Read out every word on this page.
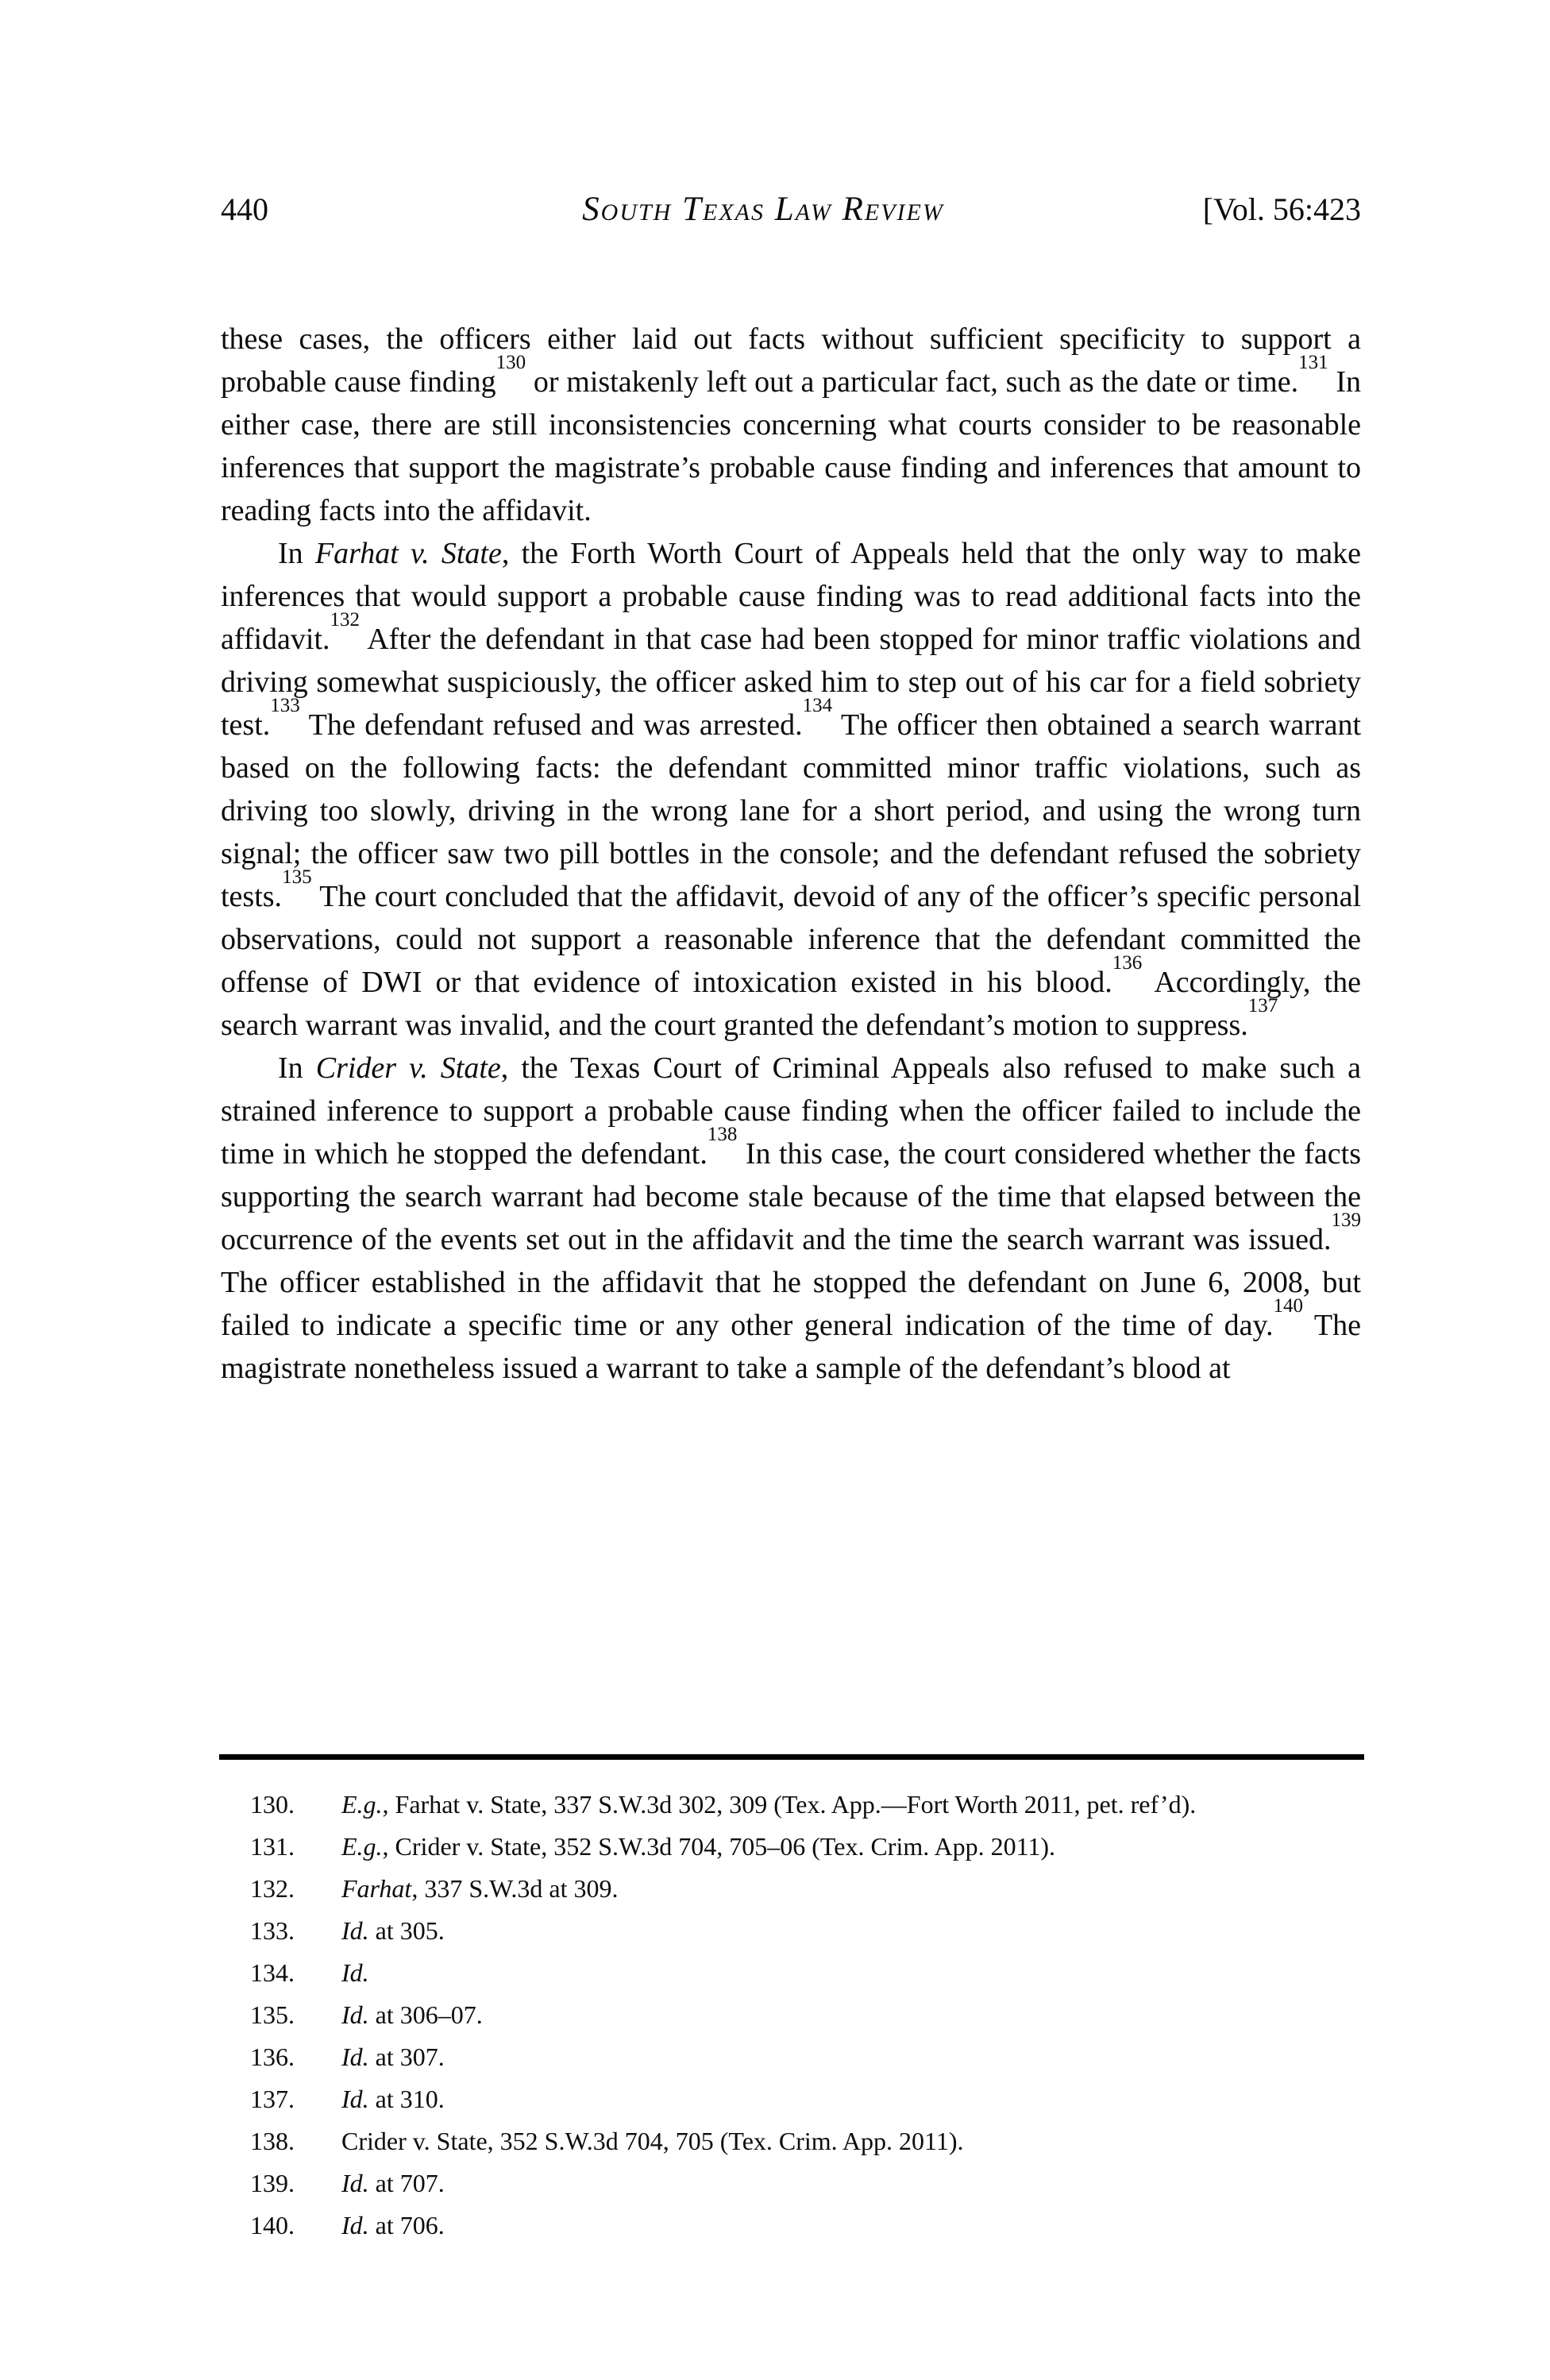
440	South Texas Law Review	[Vol. 56:423

these cases, the officers either laid out facts without sufficient specificity to support a probable cause finding$^{130}$ or mistakenly left out a particular fact, such as the date or time.$^{131}$ In either case, there are still inconsistencies concerning what courts consider to be reasonable inferences that support the magistrate’s probable cause finding and inferences that amount to reading facts into the affidavit.

In Farhat v. State, the Forth Worth Court of Appeals held that the only way to make inferences that would support a probable cause finding was to read additional facts into the affidavit.$^{132}$ After the defendant in that case had been stopped for minor traffic violations and driving somewhat suspiciously, the officer asked him to step out of his car for a field sobriety test.$^{133}$ The defendant refused and was arrested.$^{134}$ The officer then obtained a search warrant based on the following facts: the defendant committed minor traffic violations, such as driving too slowly, driving in the wrong lane for a short period, and using the wrong turn signal; the officer saw two pill bottles in the console; and the defendant refused the sobriety tests.$^{135}$ The court concluded that the affidavit, devoid of any of the officer’s specific personal observations, could not support a reasonable inference that the defendant committed the offense of DWI or that evidence of intoxication existed in his blood.$^{136}$ Accordingly, the search warrant was invalid, and the court granted the defendant’s motion to suppress.$^{137}$

In Crider v. State, the Texas Court of Criminal Appeals also refused to make such a strained inference to support a probable cause finding when the officer failed to include the time in which he stopped the defendant.$^{138}$ In this case, the court considered whether the facts supporting the search warrant had become stale because of the time that elapsed between the occurrence of the events set out in the affidavit and the time the search warrant was issued.$^{139}$ The officer established in the affidavit that he stopped the defendant on June 6, 2008, but failed to indicate a specific time or any other general indication of the time of day.$^{140}$ The magistrate nonetheless issued a warrant to take a sample of the defendant’s blood at

130.	E.g., Farhat v. State, 337 S.W.3d 302, 309 (Tex. App.—Fort Worth 2011, pet. ref’d).
131.	E.g., Crider v. State, 352 S.W.3d 704, 705–06 (Tex. Crim. App. 2011).
132.	Farhat, 337 S.W.3d at 309.
133.	Id. at 305.
134.	Id.
135.	Id. at 306–07.
136.	Id. at 307.
137.	Id. at 310.
138.	Crider v. State, 352 S.W.3d 704, 705 (Tex. Crim. App. 2011).
139.	Id. at 707.
140.	Id. at 706.
